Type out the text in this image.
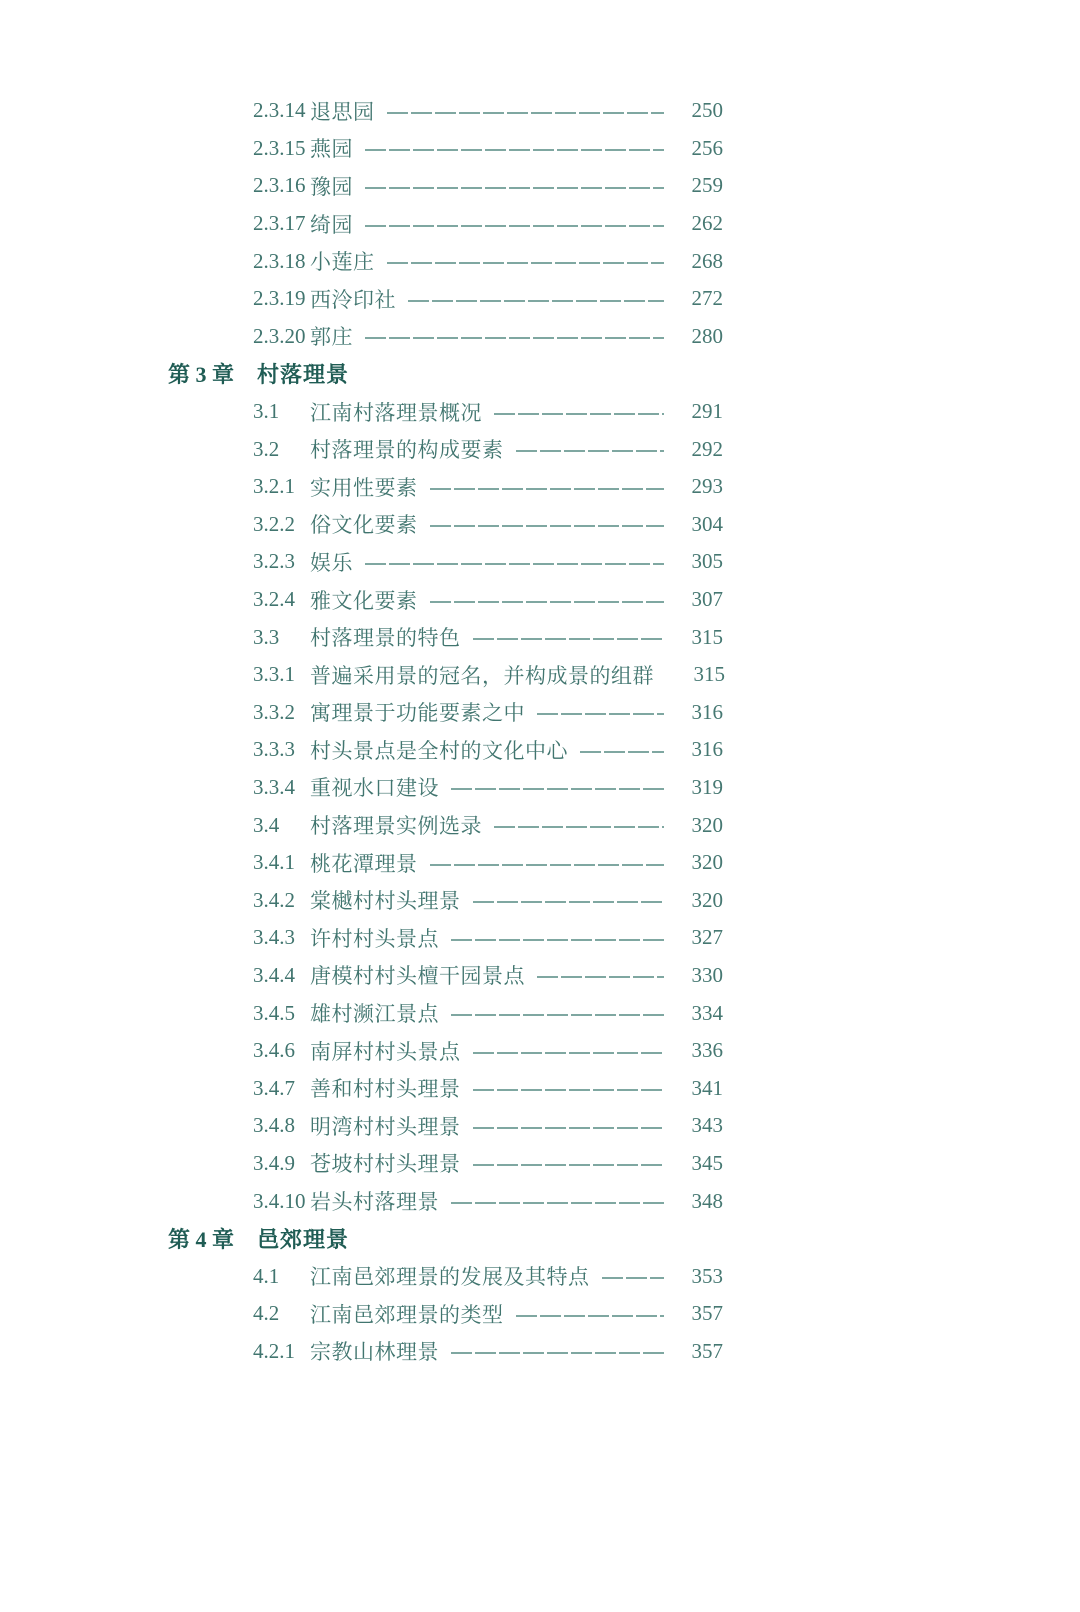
2.3.14 退思园	250
2.3.15 燕园	256
2.3.16 豫园	259
2.3.17 绮园	262
2.3.18 小莲庄	268
2.3.19 西泠印社	272
2.3.20 郭庄	280
第 3 章	村落理景
3.1	江南村落理景概况	291
3.2	村落理景的构成要素	292
3.2.1 实用性要素	293
3.2.2 俗文化要素	304
3.2.3 娱乐	305
3.2.4 雅文化要素	307
3.3	村落理景的特色	315
3.3.1 普遍采用景的冠名，并构成景的组群	315
3.3.2 寓理景于功能要素之中	316
3.3.3 村头景点是全村的文化中心	316
3.3.4 重视水口建设	319
3.4	村落理景实例选录	320
3.4.1 桃花潭理景	320
3.4.2 棠樾村村头理景	320
3.4.3 许村村头景点	327
3.4.4 唐模村村头檀干园景点	330
3.4.5 雄村濒江景点	334
3.4.6 南屏村村头景点	336
3.4.7 善和村村头理景	341
3.4.8 明湾村村头理景	343
3.4.9 苍坡村村头理景	345
3.4.10 岩头村落理景	348
第 4 章	邑郊理景
4.1	江南邑郊理景的发展及其特点	353
4.2	江南邑郊理景的类型	357
4.2.1 宗教山林理景	357
